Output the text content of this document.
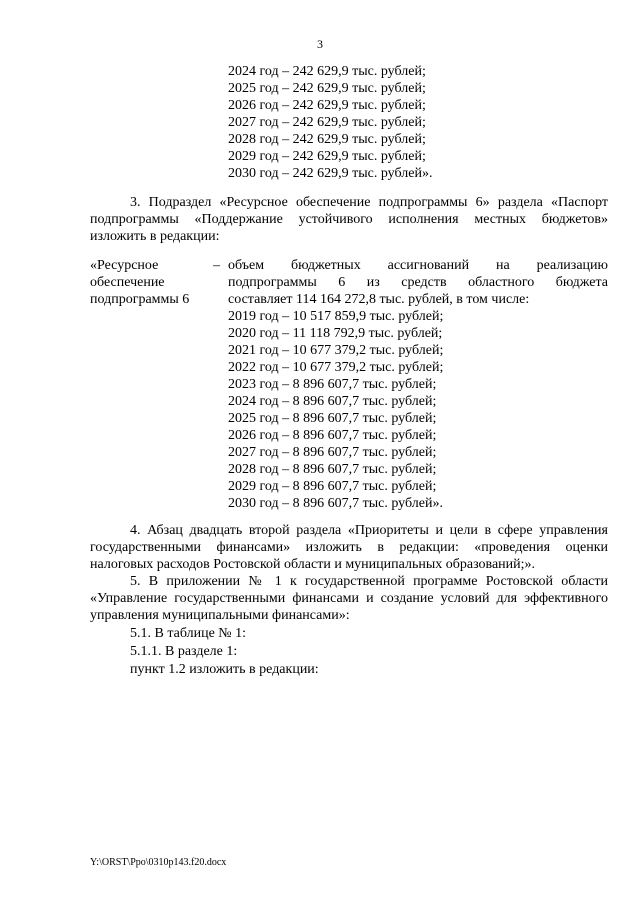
3
2024 год – 242 629,9 тыс. рублей;
2025 год – 242 629,9 тыс. рублей;
2026 год – 242 629,9 тыс. рублей;
2027 год – 242 629,9 тыс. рублей;
2028 год – 242 629,9 тыс. рублей;
2029 год – 242 629,9 тыс. рублей;
2030 год – 242 629,9 тыс. рублей».
3. Подраздел «Ресурсное обеспечение подпрограммы 6» раздела «Паспорт
подпрограммы «Поддержание устойчивого исполнения местных бюджетов»
изложить в редакции:
«Ресурсное
обеспечение
подпрограммы 6
– объем бюджетных ассигнований на реализацию
подпрограммы 6 из средств областного бюджета
составляет 114 164 272,8 тыс. рублей, в том числе:
2019 год – 10 517 859,9 тыс. рублей;
2020 год – 11 118 792,9 тыс. рублей;
2021 год – 10 677 379,2 тыс. рублей;
2022 год – 10 677 379,2 тыс. рублей;
2023 год – 8 896 607,7 тыс. рублей;
2024 год – 8 896 607,7 тыс. рублей;
2025 год – 8 896 607,7 тыс. рублей;
2026 год – 8 896 607,7 тыс. рублей;
2027 год – 8 896 607,7 тыс. рублей;
2028 год – 8 896 607,7 тыс. рублей;
2029 год – 8 896 607,7 тыс. рублей;
2030 год – 8 896 607,7 тыс. рублей».
4. Абзац двадцать второй раздела «Приоритеты и цели в сфере управления
государственными финансами» изложить в редакции: «проведения оценки
налоговых расходов Ростовской области и муниципальных образований;».
5. В приложении № 1 к государственной программе Ростовской области
«Управление государственными финансами и создание условий для эффективного
управления муниципальными финансами»:
5.1. В таблице № 1:
5.1.1. В разделе 1:
пункт 1.2 изложить в редакции:
Y:\ORST\Ppo\0310p143.f20.docx
